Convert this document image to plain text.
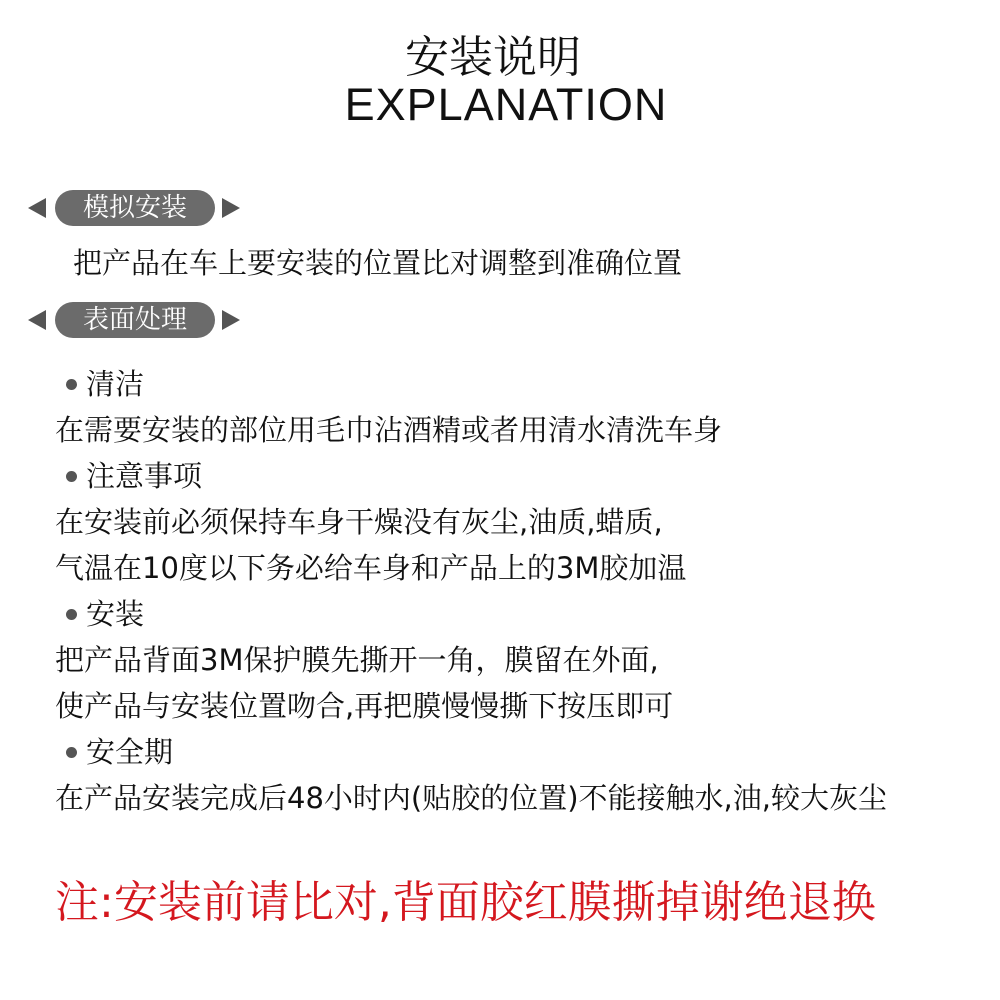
安装说明
EXPLANATION
模拟安装
把产品在车上要安装的位置比对调整到准确位置
表面处理
清洁
在需要安装的部位用毛巾沾酒精或者用清水清洗车身
注意事项
在安装前必须保持车身干燥没有灰尘,油质,蜡质,
气温在10度以下务必给车身和产品上的3M胶加温
安装
把产品背面3M保护膜先撕开一角，膜留在外面,
使产品与安装位置吻合,再把膜慢慢撕下按压即可
安全期
在产品安装完成后48小时内(贴胶的位置)不能接触水,油,较大灰尘
注:安装前请比对,背面胶红膜撕掉谢绝退换
